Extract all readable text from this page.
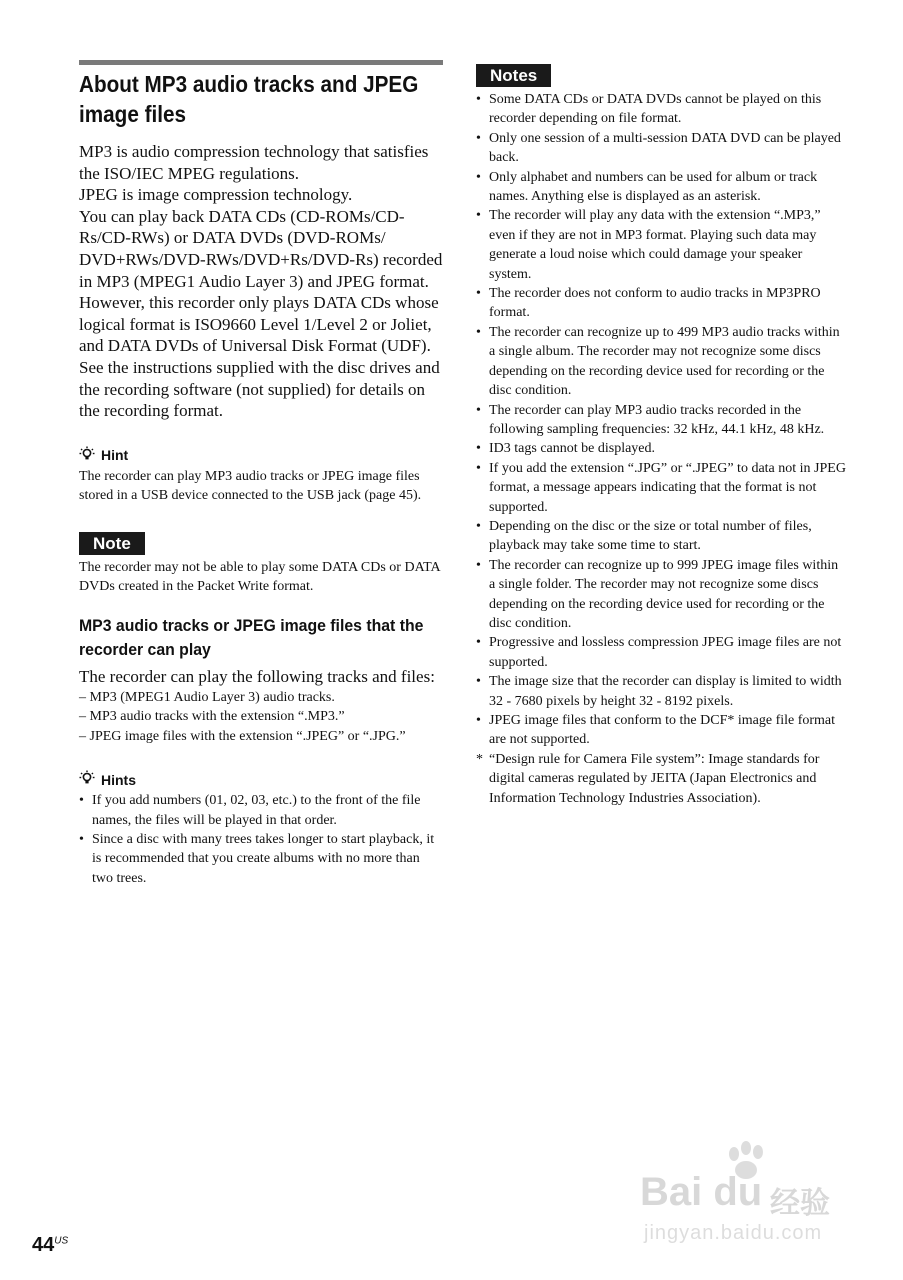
About MP3 audio tracks and JPEG image files

MP3 is audio compression technology that satisfies the ISO/IEC MPEG regulations.

JPEG is image compression technology.

You can play back DATA CDs (CD-ROMs/CD-Rs/CD-RWs) or DATA DVDs (DVD-ROMs/ DVD+RWs/DVD-RWs/DVD+Rs/DVD-Rs) recorded in MP3 (MPEG1 Audio Layer 3) and JPEG format.

However, this recorder only plays DATA CDs whose logical format is ISO9660 Level 1/Level 2 or Joliet, and DATA DVDs of Universal Disk Format (UDF).

See the instructions supplied with the disc drives and the recording software (not supplied) for details on the recording format.

Hint

The recorder can play MP3 audio tracks or JPEG image files stored in a USB device connected to the USB jack (page 45).

Note

The recorder may not be able to play some DATA CDs or DATA DVDs created in the Packet Write format.

MP3 audio tracks or JPEG image files that the recorder can play

The recorder can play the following tracks and files:

– MP3 (MPEG1 Audio Layer 3) audio tracks.

– MP3 audio tracks with the extension “.MP3.”

– JPEG image files with the extension “.JPEG” or “.JPG.”

Hints
• If you add numbers (01, 02, 03, etc.) to the front of the file names, the files will be played in that order.
• Since a disc with many trees takes longer to start playback, it is recommended that you create albums with no more than two trees.
Notes
• Some DATA CDs or DATA DVDs cannot be played on this recorder depending on file format.
• Only one session of a multi-session DATA DVD can be played back.
• Only alphabet and numbers can be used for album or track names. Anything else is displayed as an asterisk.
• The recorder will play any data with the extension “.MP3,” even if they are not in MP3 format. Playing such data may generate a loud noise which could damage your speaker system.
• The recorder does not conform to audio tracks in MP3PRO format.
• The recorder can recognize up to 499 MP3 audio tracks within a single album. The recorder may not recognize some discs depending on the recording device used for recording or the disc condition.
• The recorder can play MP3 audio tracks recorded in the following sampling frequencies: 32 kHz, 44.1 kHz, 48 kHz.
• ID3 tags cannot be displayed.
• If you add the extension “.JPG” or “.JPEG” to data not in JPEG format, a message appears indicating that the format is not supported.
• Depending on the disc or the size or total number of files, playback may take some time to start.
• The recorder can recognize up to 999 JPEG image files within a single folder. The recorder may not recognize some discs depending on the recording device used for recording or the disc condition.
• Progressive and lossless compression JPEG image files are not supported.
• The image size that the recorder can display is limited to width 32 - 7680 pixels by height 32 - 8192 pixels.
• JPEG image files that conform to the DCF* image file format are not supported.

* “Design rule for Camera File system”: Image standards for digital cameras regulated by JEITA (Japan Electronics and Information Technology Industries Association).

$44^{US}$
Bai du 经验
jingyan.baidu.com
